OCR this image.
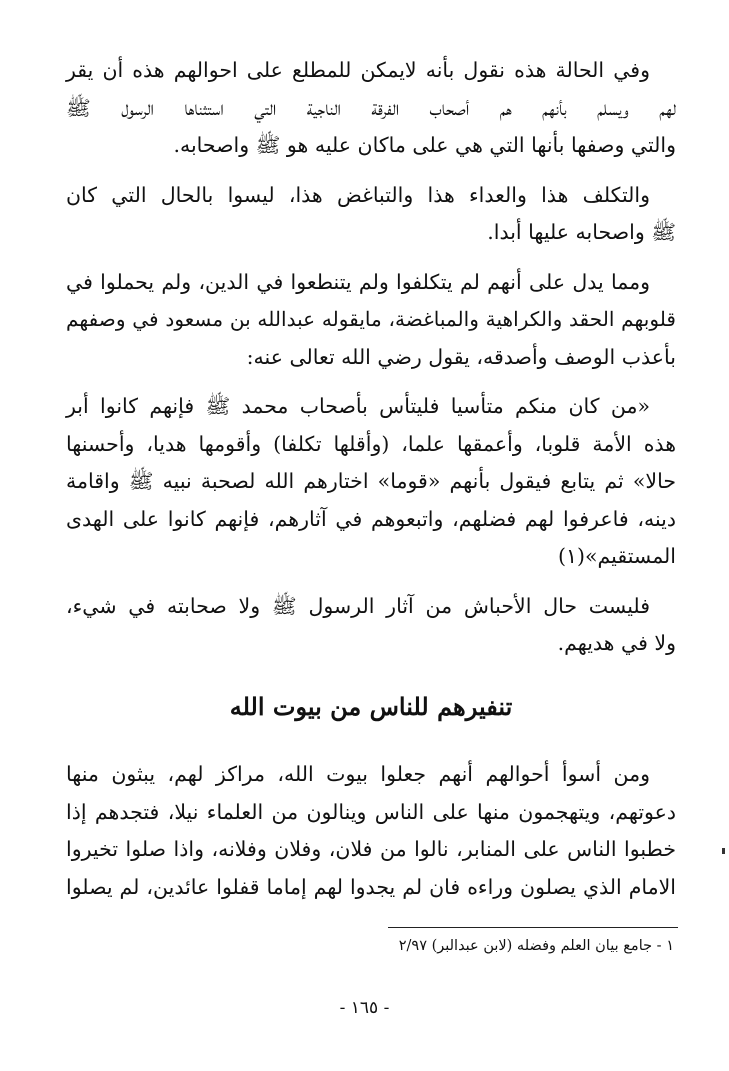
وفي الحالة هذه نقول بأنه لايمكن للمطلع على احوالهم هذه أن يقر
لهم ويسلم بأنهم هم أصحاب الفرقة الناجية التي استثناها الرسول ﷺ
والتي وصفها بأنها التي هي على ماكان عليه هو ﷺ واصحابه.
والتكلف هذا والعداء هذا والتباغض هذا، ليسوا بالحال التي كان
ﷺ واصحابه عليها أبدا.
ومما يدل على أنهم لم يتكلفوا ولم يتنطعوا في الدين، ولم يحملوا في
قلوبهم الحقد والكراهية والمباغضة، مايقوله عبدالله بن مسعود في وصفهم
بأعذب الوصف وأصدقه، يقول رضي الله تعالى عنه:
«من كان منكم متأسيا فليتأس بأصحاب محمد ﷺ فإنهم كانوا أبر
هذه الأمة قلوبا، وأعمقها علما، (وأقلها تكلفا) وأقومها هديا، وأحسنها
حالا» ثم يتابع فيقول بأنهم «قوما» اختارهم الله لصحبة نبيه ﷺ واقامة
دينه، فاعرفوا لهم فضلهم، واتبعوهم في آثارهم، فإنهم كانوا على الهدى
المستقيم»(١)
فليست حال الأحباش من آثار الرسول ﷺ ولا صحابته في شيء،
ولا في هديهم.
تنفيرهم للناس من بيوت الله
ومن أسوأ أحوالهم أنهم جعلوا بيوت الله، مراكز لهم، يبثون منها
دعوتهم، ويتهجمون منها على الناس وينالون من العلماء نيلا، فتجدهم إذا
خطبوا الناس على المنابر، نالوا من فلان، وفلان وفلانه، واذا صلوا تخيروا
الامام الذي يصلون وراءه فان لم يجدوا لهم إماما قفلوا عائدين، لم يصلوا
١ - جامع بيان العلم وفضله (لابن عبدالبر) ٢/٩٧
- ١٦٥ -
